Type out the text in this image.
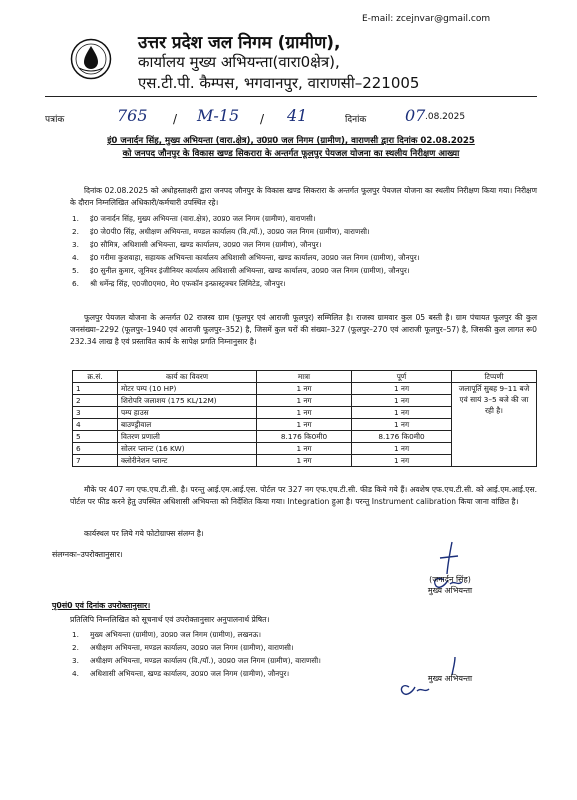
E-mail: zcejnvar@gmail.com
उत्तर प्रदेश जल निगम (ग्रामीण),
कार्यालय मुख्य अभियन्ता(वारा0क्षेत्र),
एस.टी.पी. कैम्पस, भगवानपुर, वाराणसी–221005
पत्रांक	765 / M-15 / 41	दिनांक 07 .08.2025

इं0 जनार्दन सिंह, मुख्य अभियन्ता (वारा.क्षेत्र), उ0प्र0 जल निगम (ग्रामीण), वाराणसी द्वारा दिनांक 02.08.2025

को जनपद जौनपुर के विकास खण्ड सिकरारा के अन्तर्गत फूलपुर पेयजल योजना का स्थलीय निरीक्षण आख्या

दिनांक 02.08.2025 को अधोहस्ताक्षरी द्वारा जनपद जौनपुर के विकास खण्ड सिकरारा के अन्तर्गत फूलपुर पेयजल योजना का स्थलीय निरीक्षण किया गया। निरीक्षण के दौरान निम्नलिखित अधिकारी/कर्मचारी उपस्थित रहे।

1. इं0 जनार्दन सिंह, मुख्य अभियन्ता (वारा.क्षेत्र), उ0प्र0 जल निगम (ग्रामीण), वाराणसी।
2. इं0 जे0पी0 सिंह, अधीक्षण अभियन्ता, मण्डल कार्यालय (वि./यॉ.), उ0प्र0 जल निगम (ग्रामीण), वाराणसी।
3. इं0 सौमित्र, अधिशासी अभियन्ता, खण्ड कार्यालय, उ0प्र0 जल निगम (ग्रामीण), जौनपुर।
4. इं0 गरीमा कुशवाहा, सहायक अभियन्ता कार्यालय अधिशासी अभियन्ता, खण्ड कार्यालय, उ0प्र0 जल निगम (ग्रामीण), जौनपुर।
5. इं0 सुनील कुमार, जूनियर इंजीनियर कार्यालय अधिशासी अभियन्ता, खण्ड कार्यालय, उ0प्र0 जल निगम (ग्रामीण), जौनपुर।
6. श्री धर्मेन्द्र सिंह, ए0जी0एम0, मे0 एफकॉन इन्फ्रास्ट्रक्चर लिमिटेड, जौनपुर।

फूलपुर पेयजल योजना के अन्तर्गत 02 राजस्व ग्राम (फूलपुर एवं आराजी फूलपुर) सम्मिलित है। राजस्व ग्रामवार कुल 05 बस्ती है। ग्राम पंचायत फूलपुर की कुल जनसंख्या–2292 (फूलपुर–1940 एवं आराजी फूलपुर–352) है, जिसमें कुल घरों की संख्या–327 (फूलपुर–270 एवं आराजी फूलपुर–57) है, जिसकी कुल लागत रू0 232.34 लाख है एवं प्रस्तावित कार्य के सापेक्ष प्रगति निम्नानुसार है।

क्र.सं.	कार्य का विवरण	मात्रा	पूर्ण	टिप्पणी
1	मोटर पम्प (10 HP)	1 नग	1 नग	जलापूर्ति सुबह 9–11 बजे एवं सायं 3–5 बजे की जा रही है।
2	शिरोपरि जलाशय (175 KL/12M)	1 नग	1 नग	
3	पम्प हाउस	1 नग	1 नग	
4	बाउण्ड्रीवाल	1 नग	1 नग	
5	वितरण प्रणाली	8.176 कि0मी0	8.176 कि0मी0	
6	सोलर प्लान्ट (16 KW)	1 नग	1 नग	
7	क्लोरीनेशन प्लान्ट	1 नग	1 नग	

मौके पर 407 नग एफ.एच.टी.सी. है। परन्तु आई.एम.आई.एस. पोर्टल पर 327 नग एफ.एच.टी.सी. फीड किये गये हैं। अवशेष एफ.एच.टी.सी. को आई.एम.आई.एस. पोर्टल पर फीड करने हेतु उपस्थित अधिशासी अभियन्ता को निर्देशित किया गया। Integration हुआ है। परन्तु Instrument calibration किया जाना वांछित है।

कार्यस्थल पर लिये गये फोटोग्राफ्स संलग्न है।

संलग्नकः–उपरोक्तानुसार।
(जनार्दन सिंह)
मुख्य अभियन्ता
पृ0सं0 एवं दिनांक उपरोक्तानुसार।
प्रतिलिपि निम्नलिखित को सूचनार्थ एवं उपरोक्तानुसार अनुपालनार्थ प्रेषित।
1. मुख्य अभियन्ता (ग्रामीण), उ0प्र0 जल निगम (ग्रामीण), लखनऊ।
2. अधीक्षण अभियन्ता, मण्डल कार्यालय, उ0प्र0 जल निगम (ग्रामीण), वाराणसी।
3. अधीक्षण अभियन्ता, मण्डल कार्यालय (वि./यॉ.), उ0प्र0 जल निगम (ग्रामीण), वाराणसी।
4. अधिशासी अभियन्ता, खण्ड कार्यालय, उ0प्र0 जल निगम (ग्रामीण), जौनपुर।
मुख्य अभियन्ता
